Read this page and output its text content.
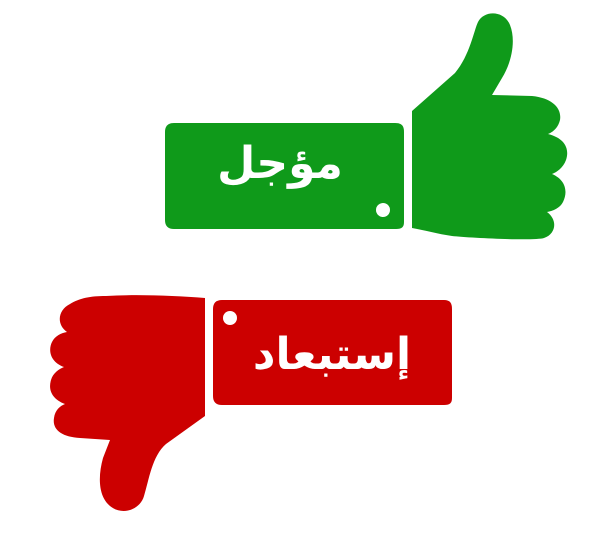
مؤجل
إستبعاد
